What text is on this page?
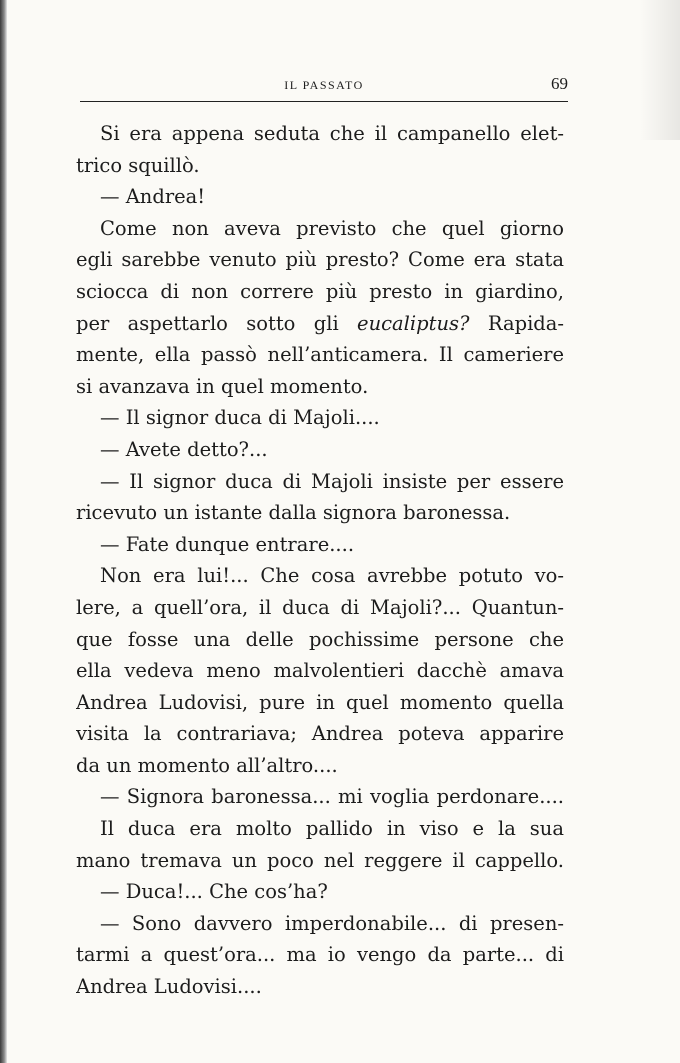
IL PASSATO	69
Si era appena seduta che il campanello elet-
trico squillò.
— Andrea!
Come non aveva previsto che quel giorno
egli sarebbe venuto più presto? Come era stata
sciocca di non correre più presto in giardino,
per aspettarlo sotto gli eucaliptus? Rapida-
mente, ella passò nell’anticamera. Il cameriere
si avanzava in quel momento.
— Il signor duca di Majoli....
— Avete detto?...
— Il signor duca di Majoli insiste per essere
ricevuto un istante dalla signora baronessa.
— Fate dunque entrare....
Non era lui!... Che cosa avrebbe potuto vo-
lere, a quell’ora, il duca di Majoli?... Quantun-
que fosse una delle pochissime persone che
ella vedeva meno malvolentieri dacchè amava
Andrea Ludovisi, pure in quel momento quella
visita la contrariava; Andrea poteva apparire
da un momento all’altro....
— Signora baronessa... mi voglia perdonare....
Il duca era molto pallido in viso e la sua
mano tremava un poco nel reggere il cappello.
— Duca!... Che cos’ha?
— Sono davvero imperdonabile... di presen-
tarmi a quest’ora... ma io vengo da parte... di
Andrea Ludovisi....
